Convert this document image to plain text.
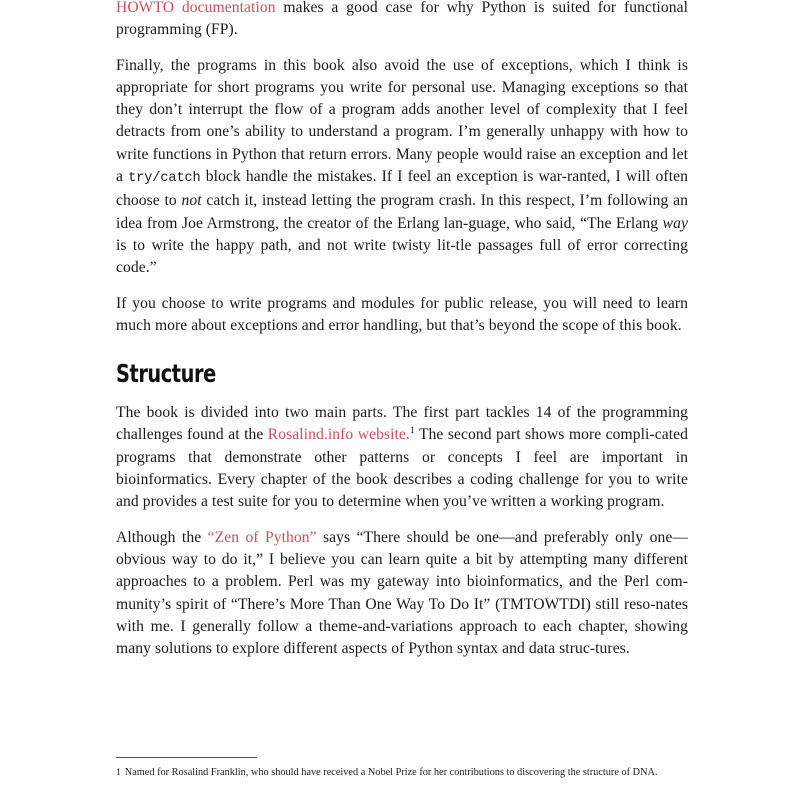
HOWTO documentation makes a good case for why Python is suited for functional programming (FP).

Finally, the programs in this book also avoid the use of exceptions, which I think is appropriate for short programs you write for personal use. Managing exceptions so that they don’t interrupt the flow of a program adds another level of complexity that I feel detracts from one’s ability to understand a program. I’m generally unhappy with how to write functions in Python that return errors. Many people would raise an exception and let a try/catch block handle the mistakes. If I feel an exception is war-ranted, I will often choose to not catch it, instead letting the program crash. In this respect, I’m following an idea from Joe Armstrong, the creator of the Erlang lan-guage, who said, “The Erlang way is to write the happy path, and not write twisty lit-tle passages full of error correcting code.”

If you choose to write programs and modules for public release, you will need to learn much more about exceptions and error handling, but that’s beyond the scope of this book.

Structure

The book is divided into two main parts. The first part tackles 14 of the programming challenges found at the Rosalind.info website.$^1$ The second part shows more compli-cated programs that demonstrate other patterns or concepts I feel are important in bioinformatics. Every chapter of the book describes a coding challenge for you to write and provides a test suite for you to determine when you’ve written a working program.

Although the “Zen of Python” says “There should be one—and preferably only one—obvious way to do it,” I believe you can learn quite a bit by attempting many different approaches to a problem. Perl was my gateway into bioinformatics, and the Perl com-munity’s spirit of “There’s More Than One Way To Do It” (TMTOWTDI) still reso-nates with me. I generally follow a theme-and-variations approach to each chapter, showing many solutions to explore different aspects of Python syntax and data struc-tures.

1 Named for Rosalind Franklin, who should have received a Nobel Prize for her contributions to discovering the structure of DNA.
